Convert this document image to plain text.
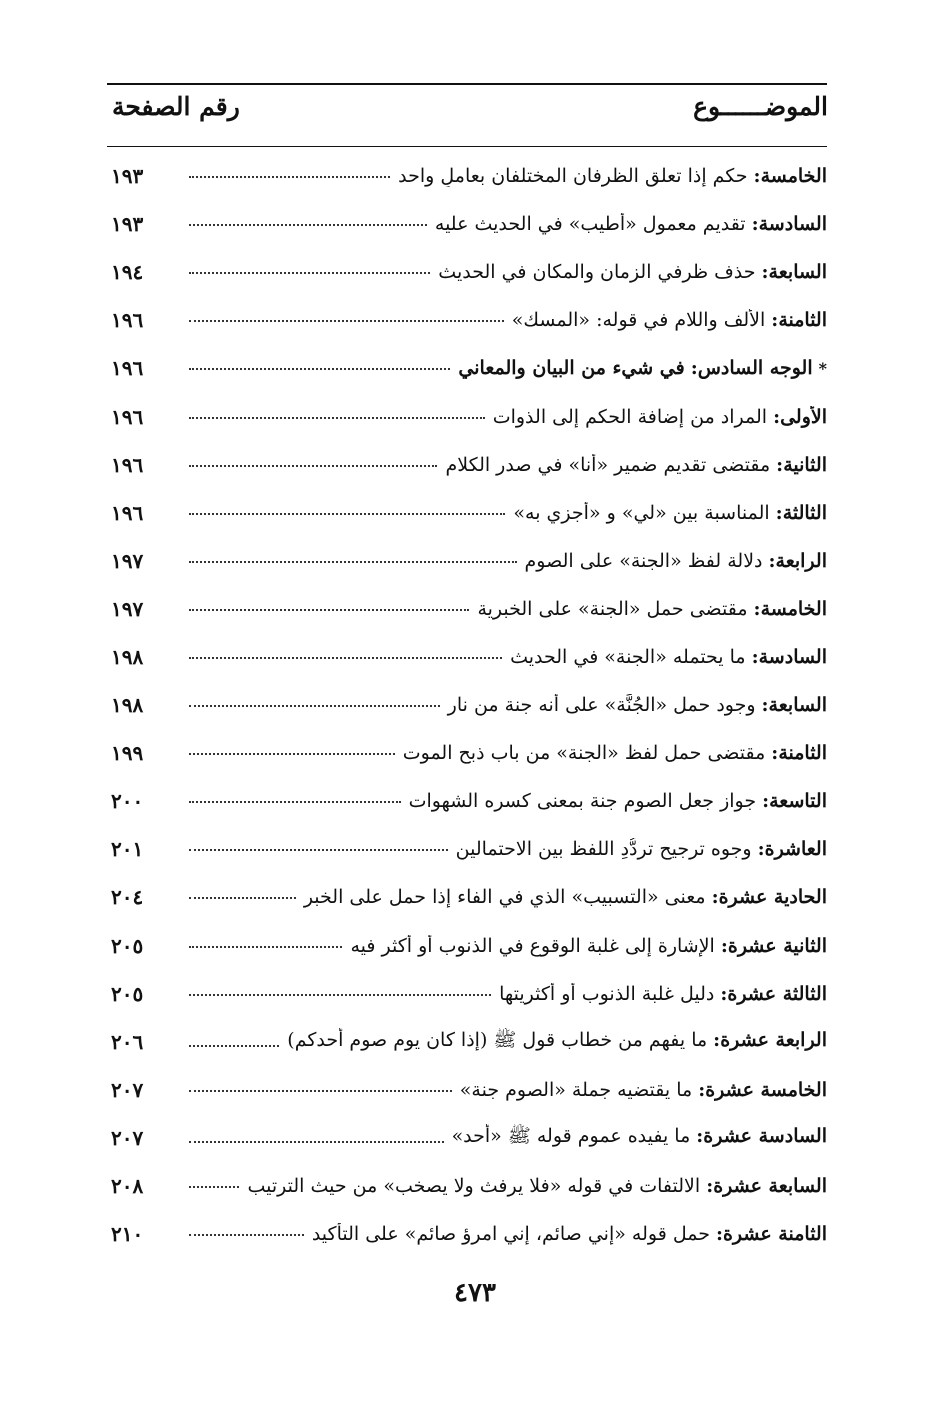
الموضــــــوع
رقم الصفحة
الخامسة
:
حكم إذا تعلق الظرفان المختلفان بعاملٍ واحد
١٩٣
السادسة
:
تقديم معمول «أطيب» في الحديث عليه
١٩٣
السابعة
:
حذف ظرفي الزمان والمكان في الحديث
١٩٤
الثامنة
:
الألف واللام في قوله: «المسك»
١٩٦
*
الوجه السادس
:
في شيء من البيان والمعاني
١٩٦
الأولى
:
المراد من إضافة الحكم إلى الذوات
١٩٦
الثانية
:
مقتضى تقديم ضمير «أنا» في صدر الكلام
١٩٦
الثالثة
:
المناسبة بين «لي» و «أجزي به»
١٩٦
الرابعة
:
دلالة لفظ «الجنة» على الصوم
١٩٧
الخامسة
:
مقتضى حمل «الجنة» على الخبرية
١٩٧
السادسة
:
ما يحتمله «الجنة» في الحديث
١٩٨
السابعة
:
وجود حمل «الجُنَّة» على أنه جنة من نار
١٩٨
الثامنة
:
مقتضى حمل لفظ «الجنة» من باب ذبح الموت
١٩٩
التاسعة
:
جواز جعل الصوم جنة بمعنى كسره الشهوات
٢٠٠
العاشرة
:
وجوه ترجيح تردُّدِ اللفظ بين الاحتمالين
٢٠١
الحادية عشرة
:
معنى «التسبيب» الذي في الفاء إذا حمل على الخبر
٢٠٤
الثانية عشرة
:
الإشارة إلى غلبة الوقوع في الذنوب أو أكثر فيه
٢٠٥
الثالثة عشرة
:
دليل غلبة الذنوب أو أكثريتها
٢٠٥
الرابعة عشرة
:
ما يفهم من خطاب قول ﷺ (إذا كان يوم صوم أحدكم)
٢٠٦
الخامسة عشرة
:
ما يقتضيه جملة «الصوم جنة»
٢٠٧
السادسة عشرة
:
ما يفيده عموم قوله ﷺ «أحد»
٢٠٧
السابعة عشرة
:
الالتفات في قوله «فلا يرفث ولا يصخب» من حيث الترتيب
٢٠٨
الثامنة عشرة
:
حمل قوله «إني صائم، إني امرؤ صائم» على التأكيد
٢١٠
٤٧٣
